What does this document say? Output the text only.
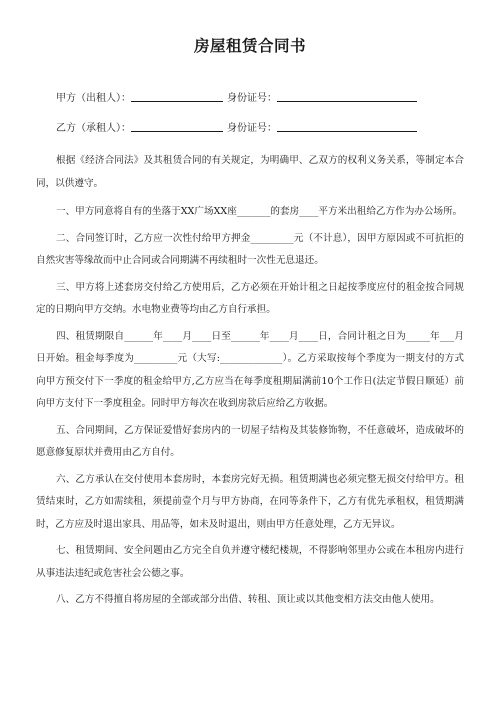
房屋租赁合同书
甲方（出租人）：	身份证号：
乙方（承租人）：	身份证号：

根据《经济合同法》及其租赁合同的有关规定，为明确甲、乙双方的权利义务关系，等制定本合同，以供遵守。

一、甲方同意将自有的坐落于XX广场XX座_______的套房____平方米出租给乙方作为办公场所。

二、合同签订时，乙方应一次性付给甲方押金_________元（不计息），因甲方原因或不可抗拒的自然灾害等缘故而中止合同或合同期满不再续租时一次性无息退还。

三、甲方将上述套房交付给乙方使用后，乙方必须在开始计租之日起按季度应付的租金按合同规定的日期向甲方交纳。水电物业费等均由乙方自行承担。

四、租赁期限自______年____月____日至______年____月____日，合同计租之日为_____年___月日开始。租金每季度为_________元（大写:_____________）。乙方采取按每个季度为一期支付的方式向甲方预交付下一季度的租金给甲方,乙方应当在每季度租期届满前10个工作日(法定节假日顺延）前向甲方支付下一季度租金。同时甲方每次在收到房款后应给乙方收据。

五、合同期间，乙方保证爱惜好套房内的一切屋子结构及其装修饰物，不任意破坏，造成破坏的愿意修复原状并费用由乙方自付。

六、乙方承认在交付使用本套房时，本套房完好无损。租赁期满也必须完整无损交付给甲方。租赁结束时，乙方如需续租，须提前壹个月与甲方协商，在同等条件下，乙方有优先承租权，租赁期满时，乙方应及时退出家具、用品等，如未及时退出，则由甲方任意处理，乙方无异议。

七、租赁期间、安全问题由乙方完全自负并遵守楼纪楼规，不得影响邻里办公或在本租房内进行从事违法违纪或危害社会公德之事。

八、乙方不得擅自将房屋的全部或部分出借、转租、顶让或以其他变相方法交由他人使用。
